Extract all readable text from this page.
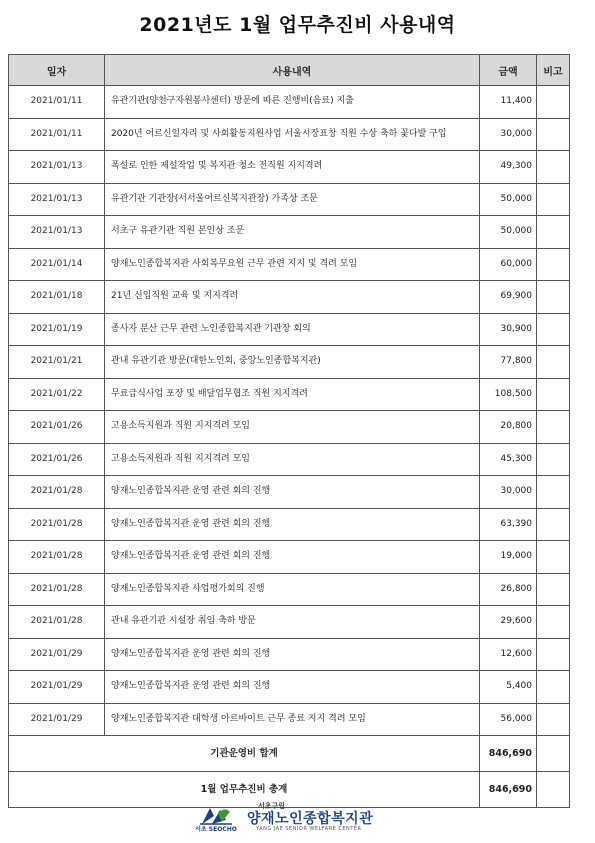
2021년도 1월 업무추진비 사용내역
일자	사용내역	금액	비고
2021/01/11	유관기관(양천구자원봉사센터) 방문에 따른 진행비(음료) 지출	11,400	
2021/01/11	2020년 어르신일자리 및 사회활동지원사업 서울시장표창 직원 수상 축하 꽃다발 구입	30,000	
2021/01/13	폭설로 인한 제설작업 및 복지관 청소 전직원 지지격려	49,300	
2021/01/13	유관기관 기관장(서서울어르신복지관장) 가족상 조문	50,000	
2021/01/13	서초구 유관기관 직원 본인상 조문	50,000	
2021/01/14	양재노인종합복지관 사회복무요원 근무 관련 지지 및 격려 모임	60,000	
2021/01/18	21년 신입직원 교육 및 지지격려	69,900	
2021/01/19	종사자 분산 근무 관련 노인종합복지관 기관장 회의	30,900	
2021/01/21	관내 유관기관 방문(대한노인회, 중앙노인종합복지관)	77,800	
2021/01/22	무료급식사업 포장 및 배달업무협조 직원 지지격려	108,500	
2021/01/26	고용소득지원과 직원 지지격려 모임	20,800	
2021/01/26	고용소득지원과 직원 지지격려 모임	45,300	
2021/01/28	양재노인종합복지관 운영 관련 회의 진행	30,000	
2021/01/28	양재노인종합복지관 운영 관련 회의 진행	63,390	
2021/01/28	양재노인종합복지관 운영 관련 회의 진행	19,000	
2021/01/28	양재노인종합복지관 사업평가회의 진행	26,800	
2021/01/28	관내 유관기관 시설장 취임 축하 방문	29,600	
2021/01/29	양재노인종합복지관 운영 관련 회의 진행	12,600	
2021/01/29	양재노인종합복지관 운영 관련 회의 진행	5,400	
2021/01/29	양재노인종합복지관 대학생 아르바이트 근무 종료 지지 격려 모임	56,000	
기관운영비 합계		846,690	
1월 업무추진비 총계		846,690	
서초 SEOCHO
서초구립
양재노인종합복지관
YANG JAE SENIOR WELFARE CENTER
